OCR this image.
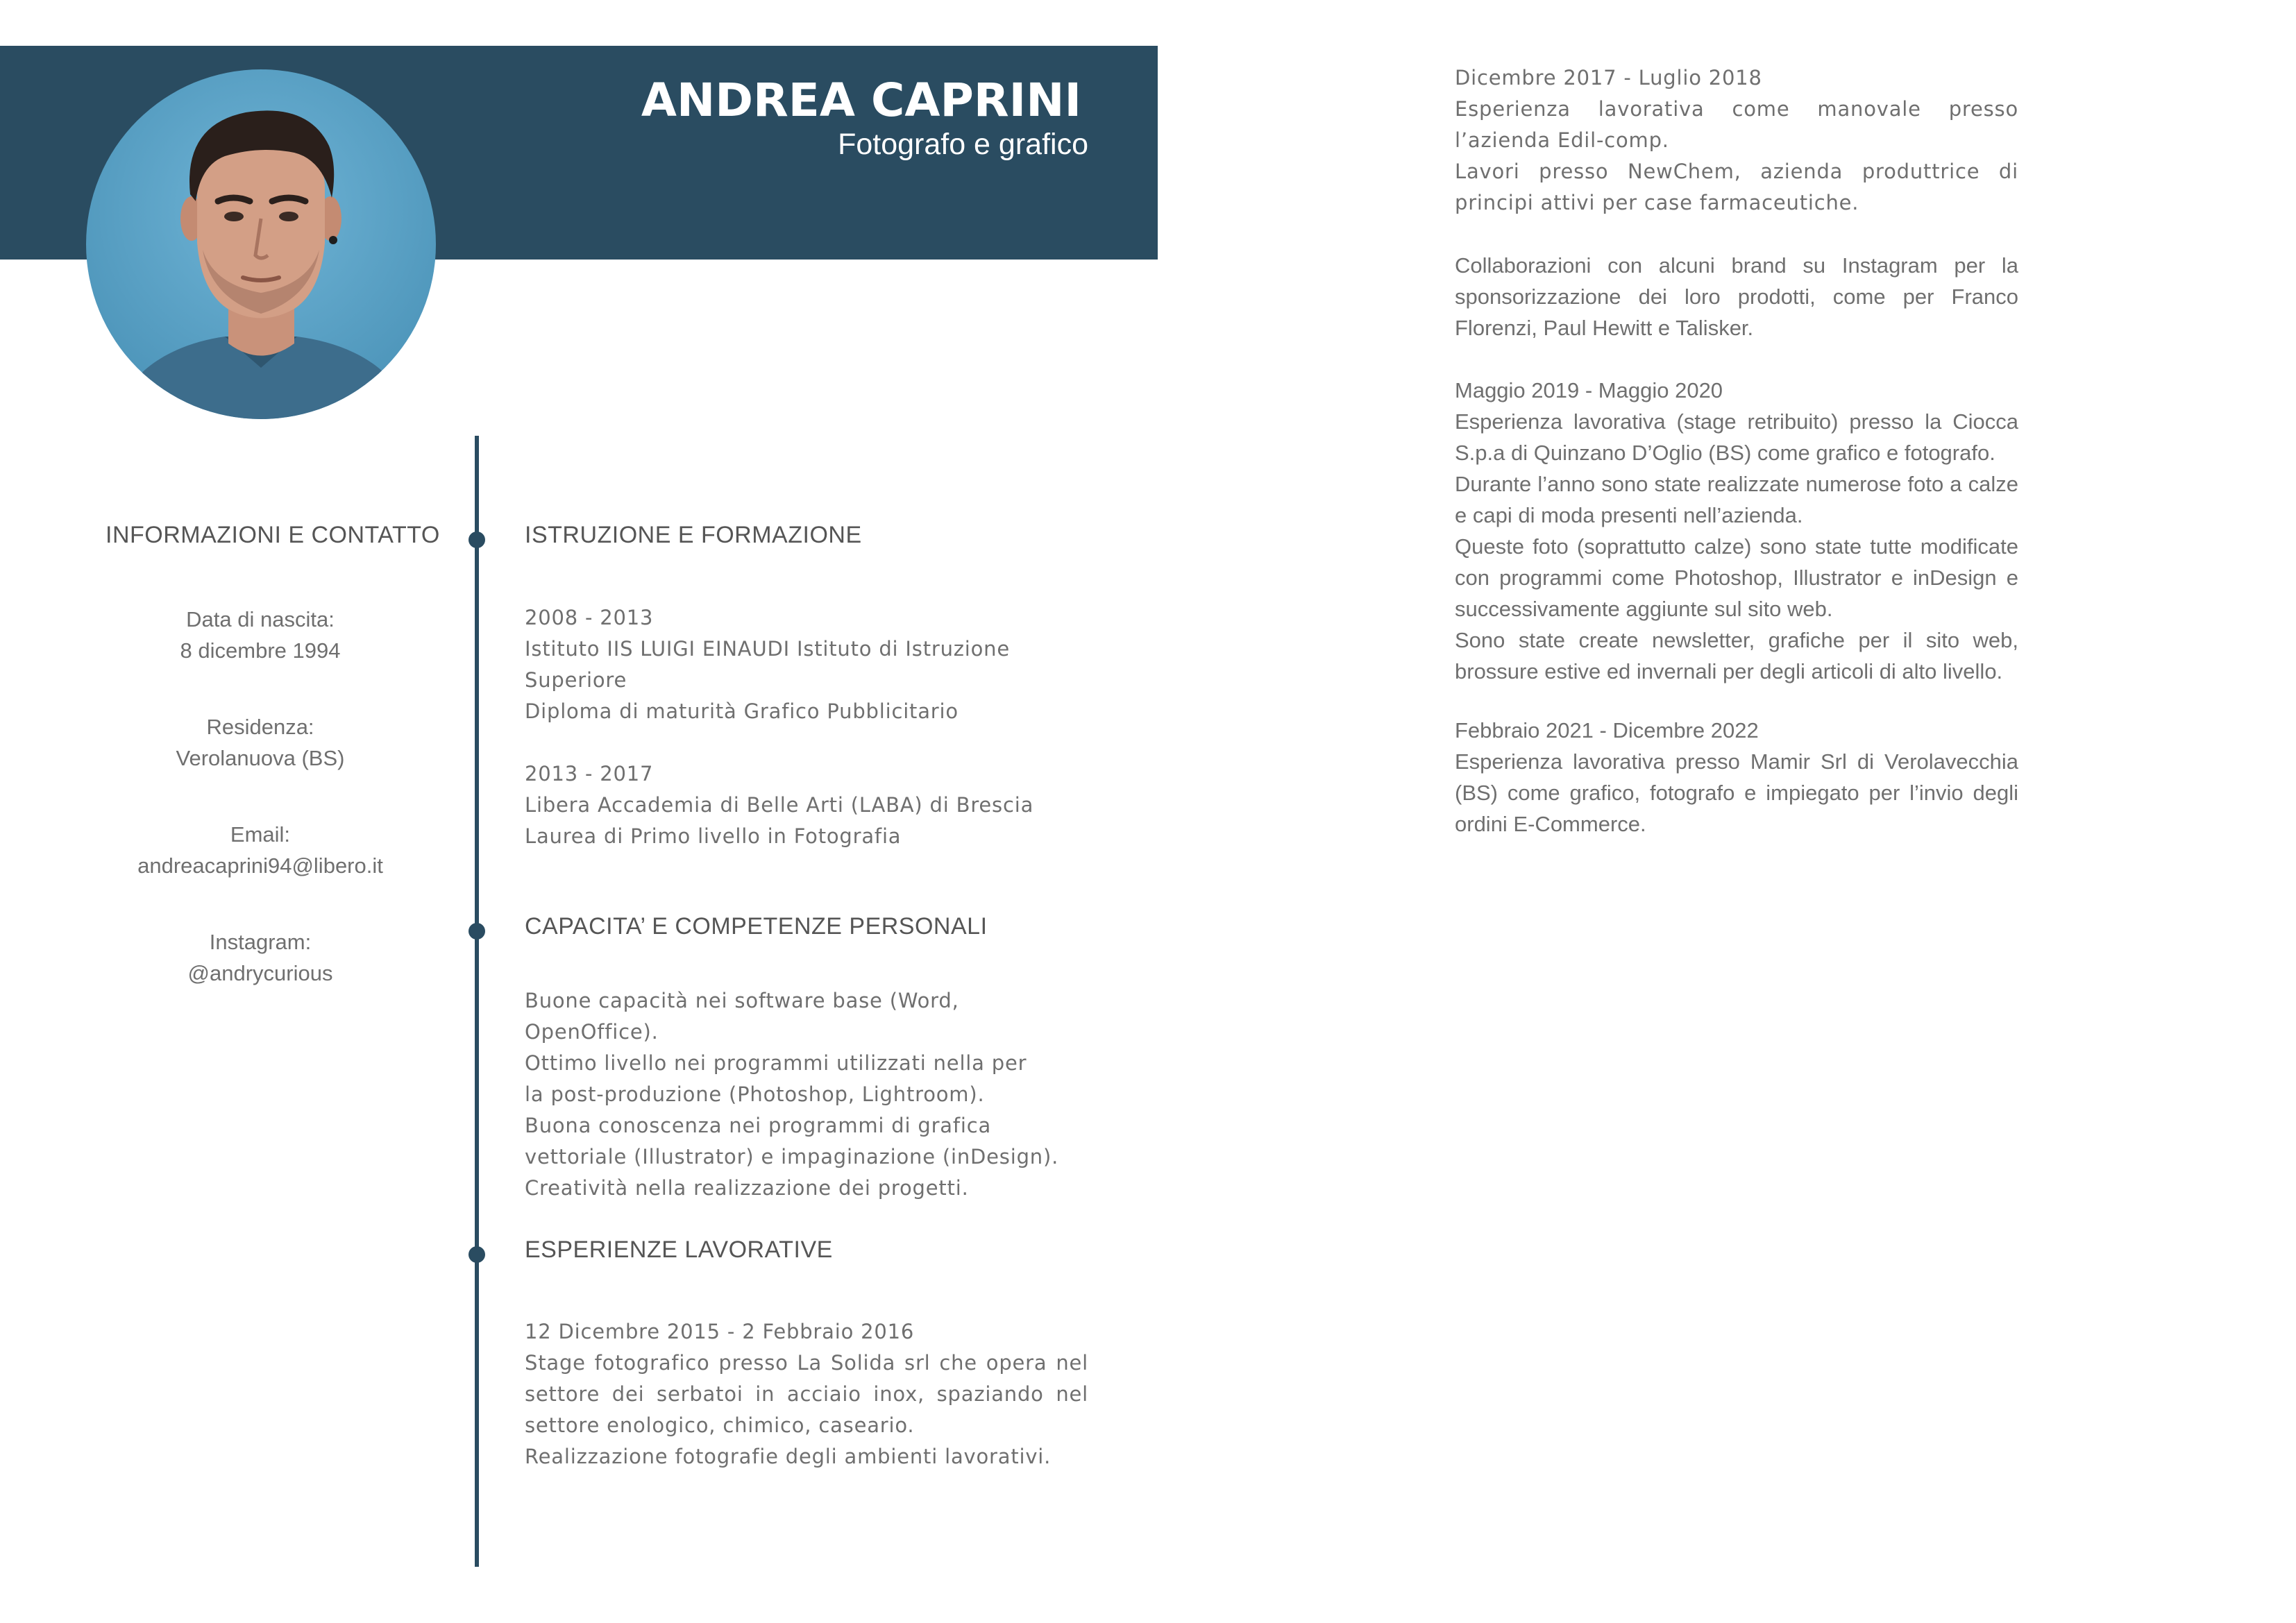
ANDREA CAPRINI
Fotografo e grafico
INFORMAZIONI E CONTATTO

Data di nascita:

8 dicembre 1994

Residenza:

Verolanuova (BS)

Email:

andreacaprini94@libero.it

Instagram:

@andrycurious

ISTRUZIONE E FORMAZIONE

2008 - 2013

Istituto IIS LUIGI EINAUDI Istituto di Istruzione Superiore

Diploma di maturità Grafico Pubblicitario

2013 - 2017

Libera Accademia di Belle Arti (LABA) di Brescia

Laurea di Primo livello in Fotografia

CAPACITA’ E COMPETENZE PERSONALI

Buone capacità nei software base (Word, OpenOffice).

Ottimo livello nei programmi utilizzati nella per la post-produzione (Photoshop, Lightroom).

Buona conoscenza nei programmi di grafica vettoriale (Illustrator) e impaginazione (inDesign).

Creatività nella realizzazione dei progetti.

ESPERIENZE LAVORATIVE

12 Dicembre 2015 - 2 Febbraio 2016

Stage fotografico presso La Solida srl che opera nel settore dei serbatoi in acciaio inox, spaziando nel settore enologico, chimico, caseario.

Realizzazione fotografie degli ambienti lavorativi.

Dicembre 2017 - Luglio 2018

Esperienza lavorativa come manovale presso l’azienda Edil-comp.

Lavori presso NewChem, azienda produttrice di principi attivi per case farmaceutiche.

Collaborazioni con alcuni brand su Instagram per la sponsorizzazione dei loro prodotti, come per Franco Florenzi, Paul Hewitt e Talisker.

Maggio 2019 - Maggio 2020

Esperienza lavorativa (stage retribuito) presso la Ciocca S.p.a di Quinzano D’Oglio (BS) come grafico e fotografo.

Durante l’anno sono state realizzate numerose foto a calze e capi di moda presenti nell’azienda.

Queste foto (soprattutto calze) sono state tutte modificate con programmi come Photoshop, Illustrator e inDesign e successivamente aggiunte sul sito web.

Sono state create newsletter, grafiche per il sito web, brossure estive ed invernali per degli articoli di alto livello.

Febbraio 2021 - Dicembre 2022

Esperienza lavorativa presso Mamir Srl di Verolavecchia (BS) come grafico, fotografo e impiegato per l’invio degli ordini E-Commerce.
